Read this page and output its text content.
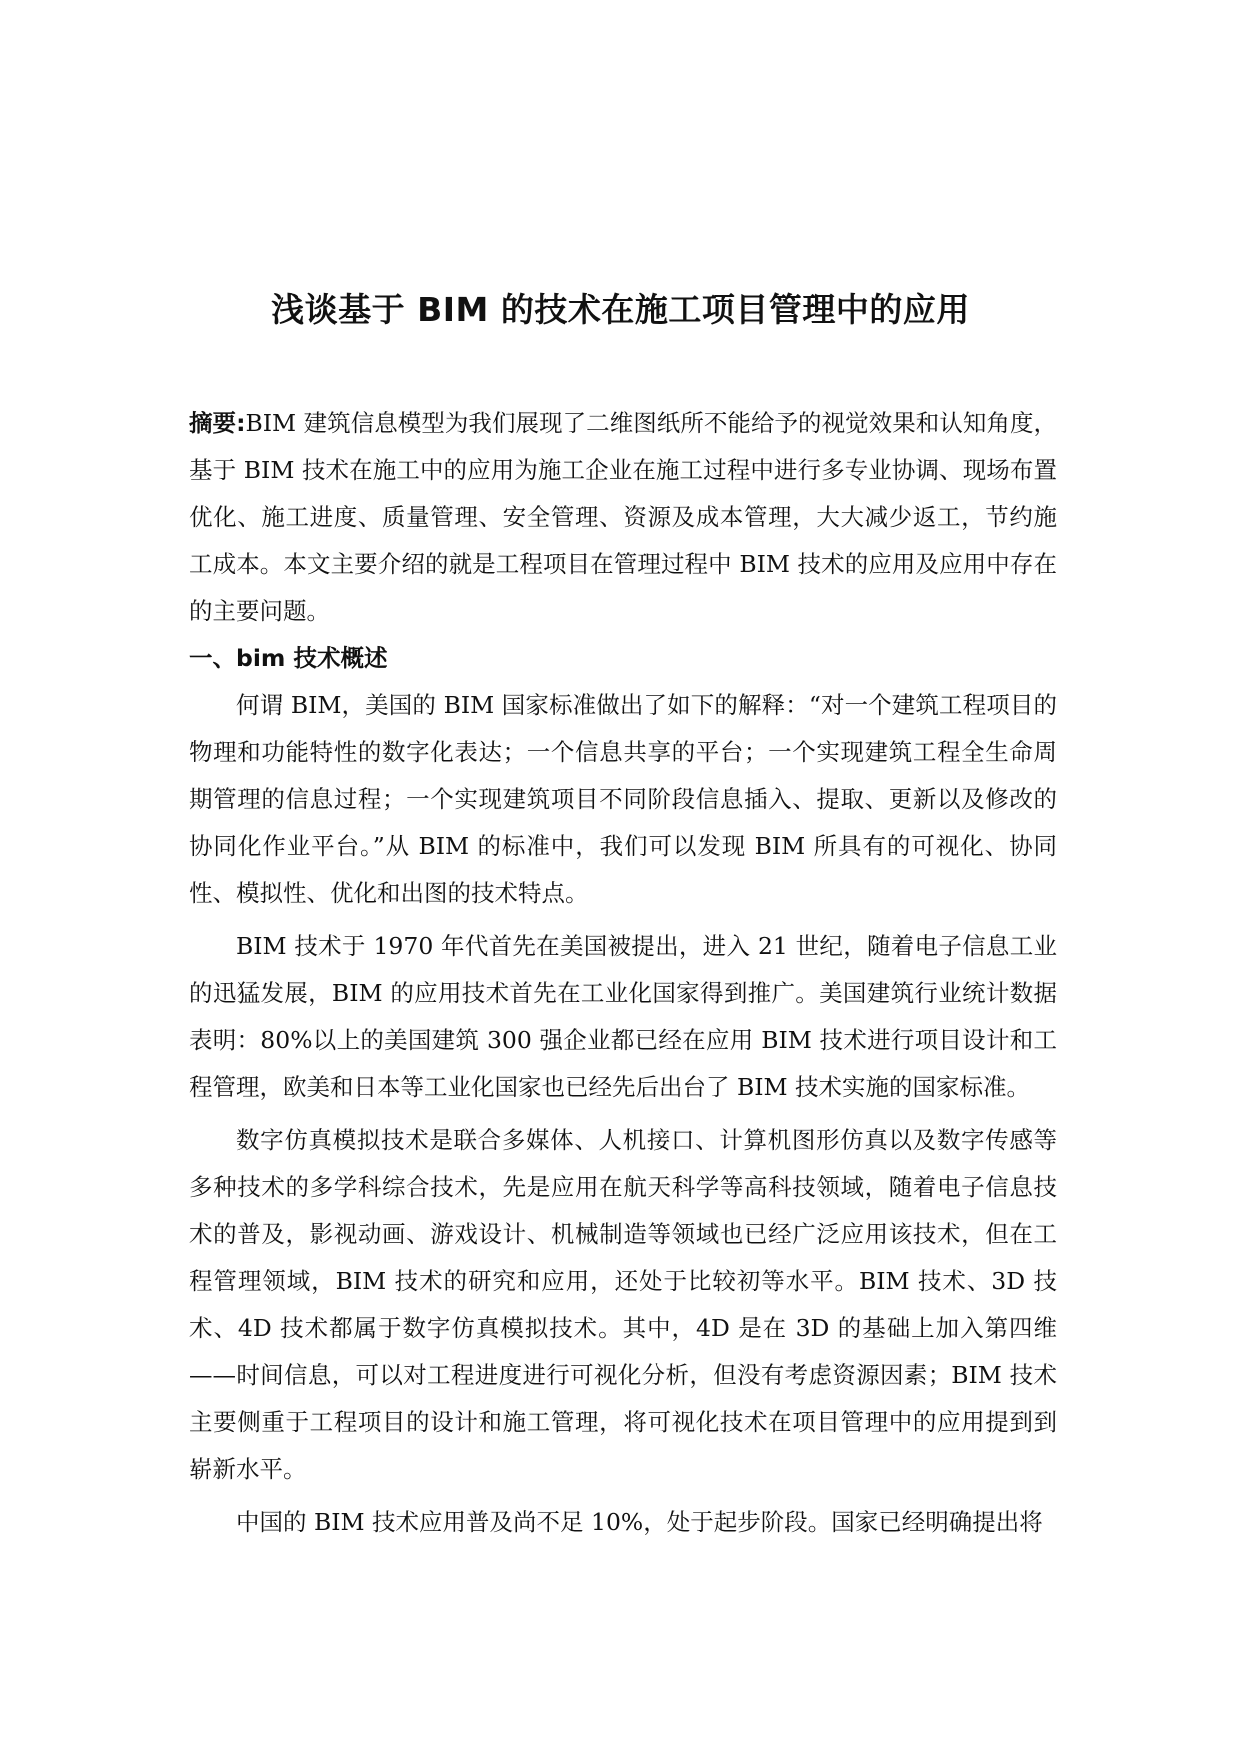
浅谈基于 BIM 的技术在施工项目管理中的应用

摘要:BIM 建筑信息模型为我们展现了二维图纸所不能给予的视觉效果和认知角度，基于 BIM 技术在施工中的应用为施工企业在施工过程中进行多专业协调、现场布置优化、施工进度、质量管理、安全管理、资源及成本管理，大大减少返工，节约施工成本。本文主要介绍的就是工程项目在管理过程中 BIM 技术的应用及应用中存在的主要问题。

一、bim 技术概述

何谓 BIM，美国的 BIM 国家标准做出了如下的解释：“对一个建筑工程项目的物理和功能特性的数字化表达；一个信息共享的平台；一个实现建筑工程全生命周期管理的信息过程；一个实现建筑项目不同阶段信息插入、提取、更新以及修改的协同化作业平台。”从 BIM 的标准中，我们可以发现 BIM 所具有的可视化、协同性、模拟性、优化和出图的技术特点。

BIM 技术于 1970 年代首先在美国被提出，进入 21 世纪，随着电子信息工业的迅猛发展，BIM 的应用技术首先在工业化国家得到推广。美国建筑行业统计数据表明：80%以上的美国建筑 300 强企业都已经在应用 BIM 技术进行项目设计和工程管理，欧美和日本等工业化国家也已经先后出台了 BIM 技术实施的国家标准。

数字仿真模拟技术是联合多媒体、人机接口、计算机图形仿真以及数字传感等多种技术的多学科综合技术，先是应用在航天科学等高科技领域，随着电子信息技术的普及，影视动画、游戏设计、机械制造等领域也已经广泛应用该技术，但在工程管理领域，BIM 技术的研究和应用，还处于比较初等水平。BIM 技术、3D 技术、4D 技术都属于数字仿真模拟技术。其中，4D 是在 3D 的基础上加入第四维——时间信息，可以对工程进度进行可视化分析，但没有考虑资源因素；BIM 技术主要侧重于工程项目的设计和施工管理，将可视化技术在项目管理中的应用提到到崭新水平。

中国的 BIM 技术应用普及尚不足 10%，处于起步阶段。国家已经明确提出将
